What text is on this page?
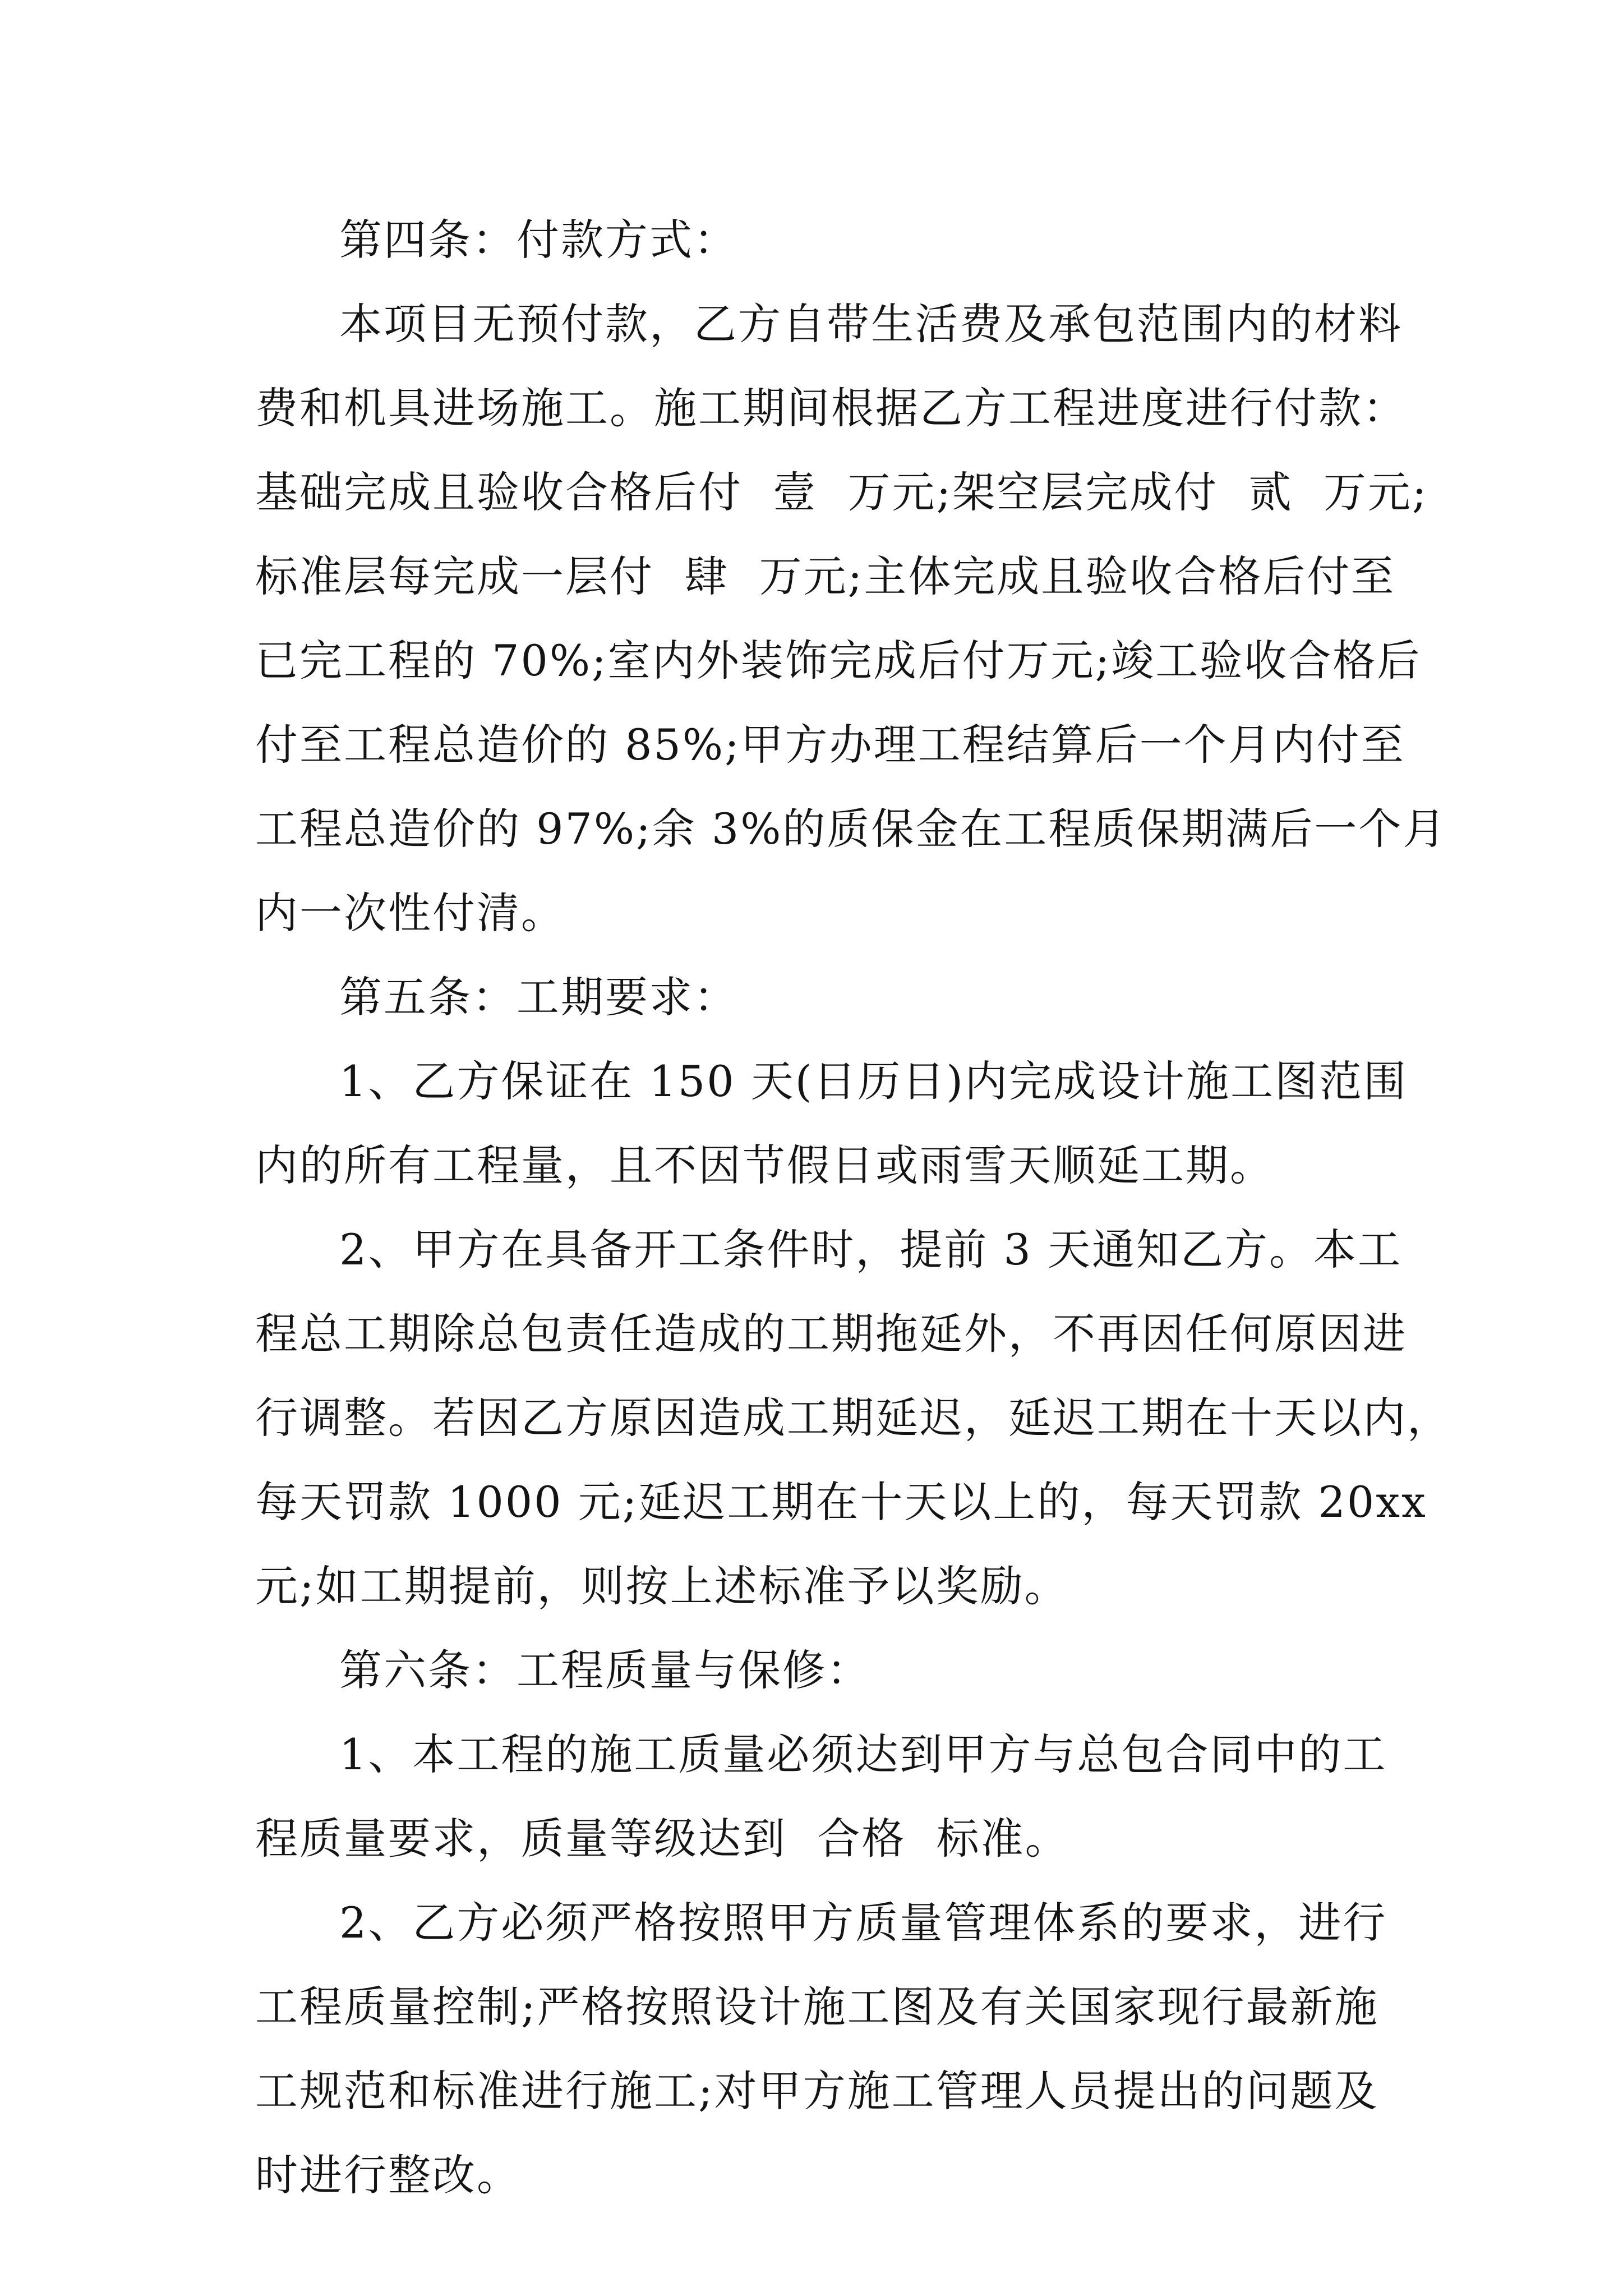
第四条：付款方式：
本项目无预付款，乙方自带生活费及承包范围内的材料
费和机具进场施工。施工期间根据乙方工程进度进行付款：
基础完成且验收合格后付  壹  万元;架空层完成付  贰  万元;
标准层每完成一层付  肆  万元;主体完成且验收合格后付至
已完工程的 70%;室内外装饰完成后付万元;竣工验收合格后
付至工程总造价的 85%;甲方办理工程结算后一个月内付至
工程总造价的 97%;余 3%的质保金在工程质保期满后一个月
内一次性付清。
第五条：工期要求：
1、乙方保证在 150 天(日历日)内完成设计施工图范围
内的所有工程量，且不因节假日或雨雪天顺延工期。
2、甲方在具备开工条件时，提前 3 天通知乙方。本工
程总工期除总包责任造成的工期拖延外，不再因任何原因进
行调整。若因乙方原因造成工期延迟，延迟工期在十天以内，
每天罚款 1000 元;延迟工期在十天以上的，每天罚款 20xx
元;如工期提前，则按上述标准予以奖励。
第六条：工程质量与保修：
1、本工程的施工质量必须达到甲方与总包合同中的工
程质量要求，质量等级达到  合格  标准。
2、乙方必须严格按照甲方质量管理体系的要求，进行
工程质量控制;严格按照设计施工图及有关国家现行最新施
工规范和标准进行施工;对甲方施工管理人员提出的问题及
时进行整改。
